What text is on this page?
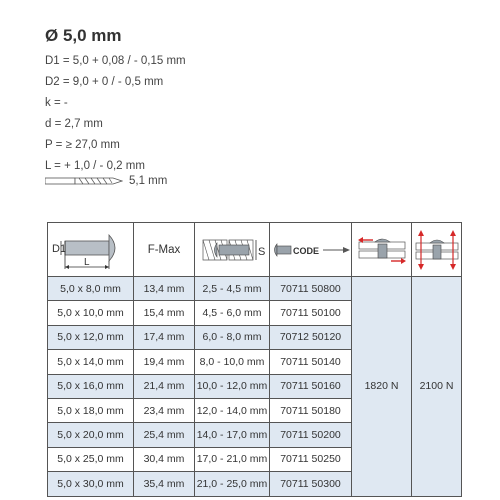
Ø 5,0 mm
D1 = 5,0 + 0,08 / - 0,15 mm
D2 = 9,0 + 0 / - 0,5 mm
k = -
d = 2,7 mm
P = ≥ 27,0 mm
L = + 1,0 / - 0,2 mm
5,1 mm
D1
L	F-Max	S	CODE

5,0 x 8,0 mm	13,4 mm	2,5 - 4,5 mm	70711 50800	1820 N	2100 N
5,0 x 10,0 mm	15,4 mm	4,5 - 6,0 mm	70711 50100		
5,0 x 12,0 mm	17,4 mm	6,0 - 8,0 mm	70712 50120		
5,0 x 14,0 mm	19,4 mm	8,0 - 10,0 mm	70711 50140		
5,0 x 16,0 mm	21,4 mm	10,0 - 12,0 mm	70711 50160		
5,0 x 18,0 mm	23,4 mm	12,0 - 14,0 mm	70711 50180		
5,0 x 20,0 mm	25,4 mm	14,0 - 17,0 mm	70711 50200		
5,0 x 25,0 mm	30,4 mm	17,0 - 21,0 mm	70711 50250		
5,0 x 30,0 mm	35,4 mm	21,0 - 25,0 mm	70711 50300		
